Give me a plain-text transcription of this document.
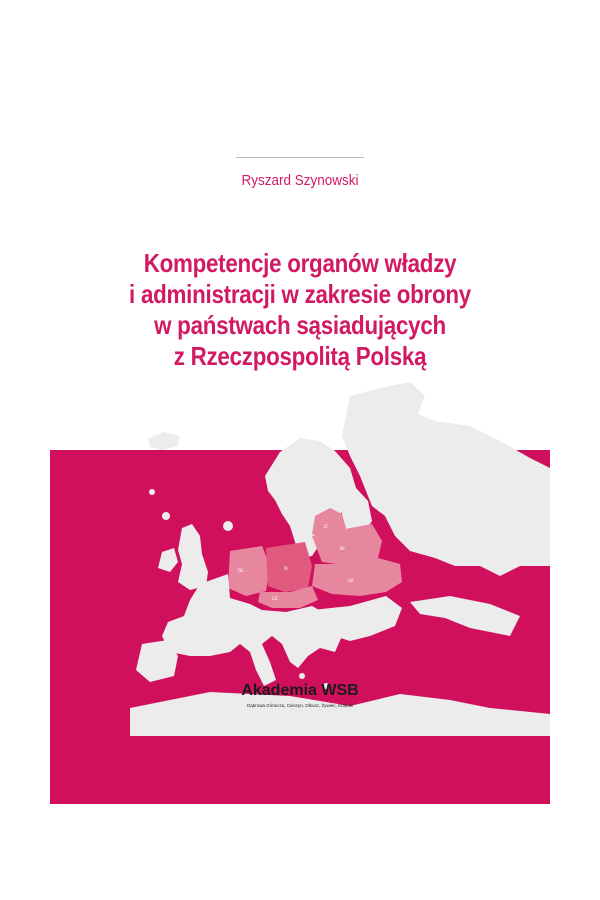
DE
CZ
PL
BY
UA
LT
Ryszard Szynowski
Kompetencje organów władzy
i administracji w zakresie obrony
w państwach sąsiadujących
z Rzeczpospolitą Polską
Akademia WSB
Dąbrowa Górnicza, Cieszyn, Olkusz, Żywiec, Kraków
